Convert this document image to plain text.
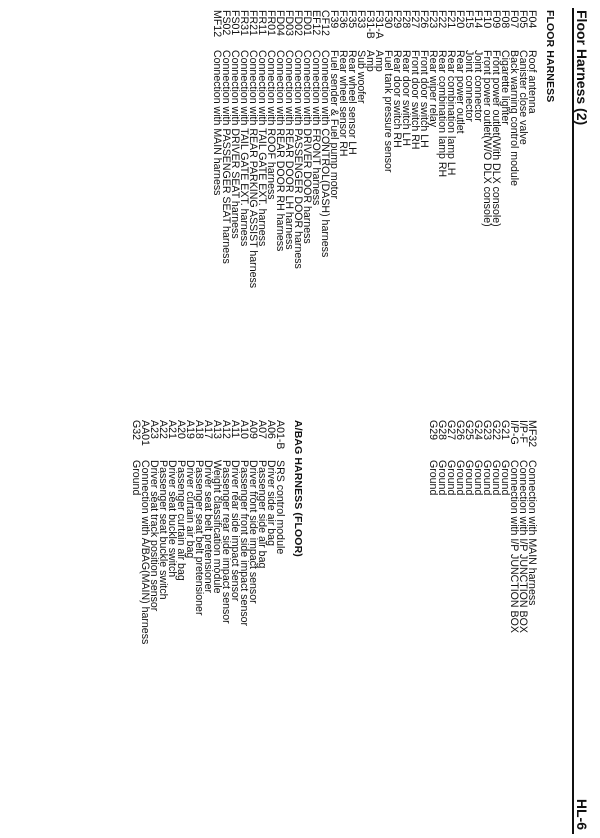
Floor Harness (2)
HL-6
FLOOR HARNESS
F04
Roof antenna
F05
Canister close valve
F07
Back warning control module
F08
Cigarette lighter
F09
Front power outlet(With DLX console)
F10
Front power outlet(W/O DLX console)
F14
Joint connector
F15
Joint connector
F20
Rear power outlet
F21
Rear combination lamp LH
F22
Rear combination lamp RH
F23
Rear wiper relay
F26
Front door switch LH
F27
Front door switch RH
F28
Rear door switch LH
F29
Rear door switch RH
F30
Fuel tank pressure sensor
F31-A
Amp
F31-B
Amp
F33
Sub woofer
F35
Rear wheel sensor LH
F36
Rear wheel sensor RH
F39
Fuel sender & Fuel pump motor
CF12
Connection with CONTROL(DASH) harness
EF12
Connection with FRONT harness
FD01
Connection with DRIVER DOOR harness
FD02
Connection with PASSENGER DOOR harness
FD03
Connection with REAR DOOR LH harness
FD04
Connection with REAR DOOR RH harness
FR01
Connection with ROOF harness
FR11
Connection with TAIL GATE EXT. harness
FR21
Connection with REAR PARKING ASSIST harness
FR31
Connection with TAIL GATE EXT. harness
FS01
Connection with DRIVER SEAT harness
FS02
Connection with PASSENGER SEAT harness
MF12
Connection with MAIN harness
MF32
Connection with MAIN harness
I/P-F
Connection with I/P JUNCTION BOX
I/P-G
Connection with I/P JUNCTION BOX
G21
Ground
G22
Ground
G23
Ground
G24
Ground
G25
Ground
G26
Ground
G27
Ground
G28
Ground
G29
Ground
A/BAG HARNESS (FLOOR)
A01-B
SRS control module
A06
Driver side air bag
A07
Passenger side air bag
A09
Driver front side impact sensor
A10
Passenger front side impact sensor
A11
Driver rear side impact sensor
A12
Passenger rear side impact sensor
A13
Weight classification module
A17
Driver seat belt pretensioner
A18
Passenger seat belt pretensioner
A19
Driver curtain air bag
A20
Passenger curtain air bag
A21
Driver seat buckle switch
A22
Passenger seat buckle switch
A23
Driver seat track position sensor
AA01
Connection with A/BAG(MAIN) harness
G32
Ground
